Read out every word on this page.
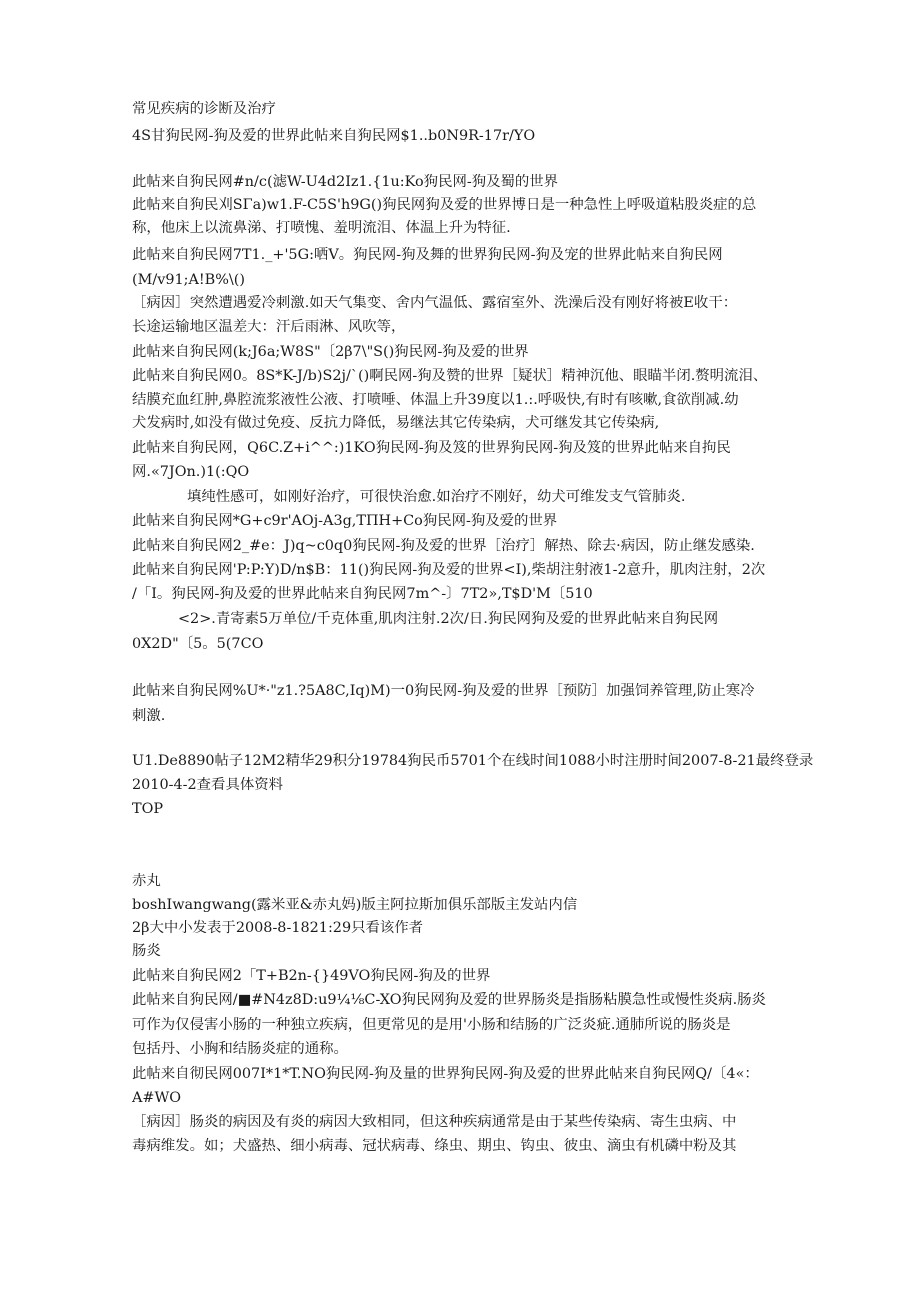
常见疾病的诊断及治疗
4S甘狗民网-狗及爱的世界此帖来自狗民网$1..b0N9R-17r/YO
此帖来自狗民网#n/c(滤W-U4d2Iz1.{1u:Ko狗民网-狗及蜀的世界
此帖来自狗民刈SΓa)w1.F-C5S'h9G()狗民网狗及爱的世界博日是一种急性上呼吸道粘股炎症的总
称，他床上以流鼻涕、打喷愧、羞明流泪、体温上升为特征.
此帖来自狗民网7T1._+'5G:哂V。狗民网-狗及舞的世界狗民网-狗及宠的世界此帖来自狗民网
(M/v91;A!B%\()
［病因］突然遭遇爱冷刺激.如天气集变、舍内气温低、露宿室外、洗澡后没有刚好将被E收干：
长途运输地区温差大：汗后雨淋、风吹等，
此帖来自狗民网(k;J6a;W8S"〔2β7\"S()狗民网-狗及爱的世界
此帖来自狗民网0。8S*K-J/b)S2j/`()啊民网-狗及赞的世界［疑状］精神沉他、眼瞄半闭.赘明流泪、
结膜充血红肿,鼻腔流浆液性公液、打喷唾、体温上升39度以1.:.呼吸快,有时有咳嗽,食欲削减.幼
犬发病时,如没有做过免疫、反抗力降低，易继法其它传染病，犬可继发其它传染病,
此帖来自狗民网，Q6C.Z+i^^:)1KO狗民网-狗及笈的世界狗民网-狗及笈的世界此帖来自拘民
网.«7JOn.)1(:QO
填纯性感可，如刚好治疗，可很快治愈.如治疗不刚好，幼犬可维发支气管肺炎.
此帖来自狗民网*G+c9r'AOj-A3g,TΠH+Co狗民网-狗及爱的世界
此帖来自狗民网2_#e：J)q~c0q0狗民网-狗及爱的世界［治疗］解热、除去·病因，防止继发感染.
此帖来自狗民网'P:P:Y)D/n$B：11()狗民网-狗及爱的世界<I),柴胡注射液1-2意升，肌肉注射，2次
/「I。狗民网-狗及爱的世界此帖来自狗民网7m^-〕7T2»,T$D'M〔510
<2>.青寄素5万单位/千克体重,肌肉注射.2次/日.狗民网狗及爱的世界此帖来自狗民网
0X2D"〔5。5(7CO
此帖来自狗民网%U*·"z1.?5A8C,Iq)M)一0狗民网-狗及爱的世界［预防］加强饲养管理,防止寒冷
刺激.
U1.De8890帖子12M2精华29积分19784狗民币5701个在线时间1088小时注册时间2007-8-21最终登录
2010-4-2查看具体资料
TOP
赤丸
boshIwangwang(露米亚&赤丸妈)版主阿拉斯加俱乐部版主发站内信
2β大中小发表于2008-8-1821:29只看该作者
肠炎
此帖来自狗民网2「T+B2n-{}49VO狗民网-狗及的世界
此帖来自狗民网/■#N4z8D:u9¼⅛C-XO狗民网狗及爱的世界肠炎是指肠粘膜急性或慢性炎病.肠炎
可作为仅侵害小肠的一种独立疾病，但更常见的是用'小肠和结肠的广泛炎疵.通肺所说的肠炎是
包括丹、小胸和结肠炎症的通称。
此帖来自彻民网007I*1*T.NO狗民网-狗及量的世界狗民网-狗及爱的世界此帖来自狗民网Q/〔4«：
A#WO
［病因］肠炎的病因及有炎的病因大致相同，但这种疾病通常是由于某些传染病、寄生虫病、中
毒病维发。如；犬盛热、细小病毒、冠状病毒、绦虫、期虫、钩虫、彼虫、滴虫有机磷中粉及其
